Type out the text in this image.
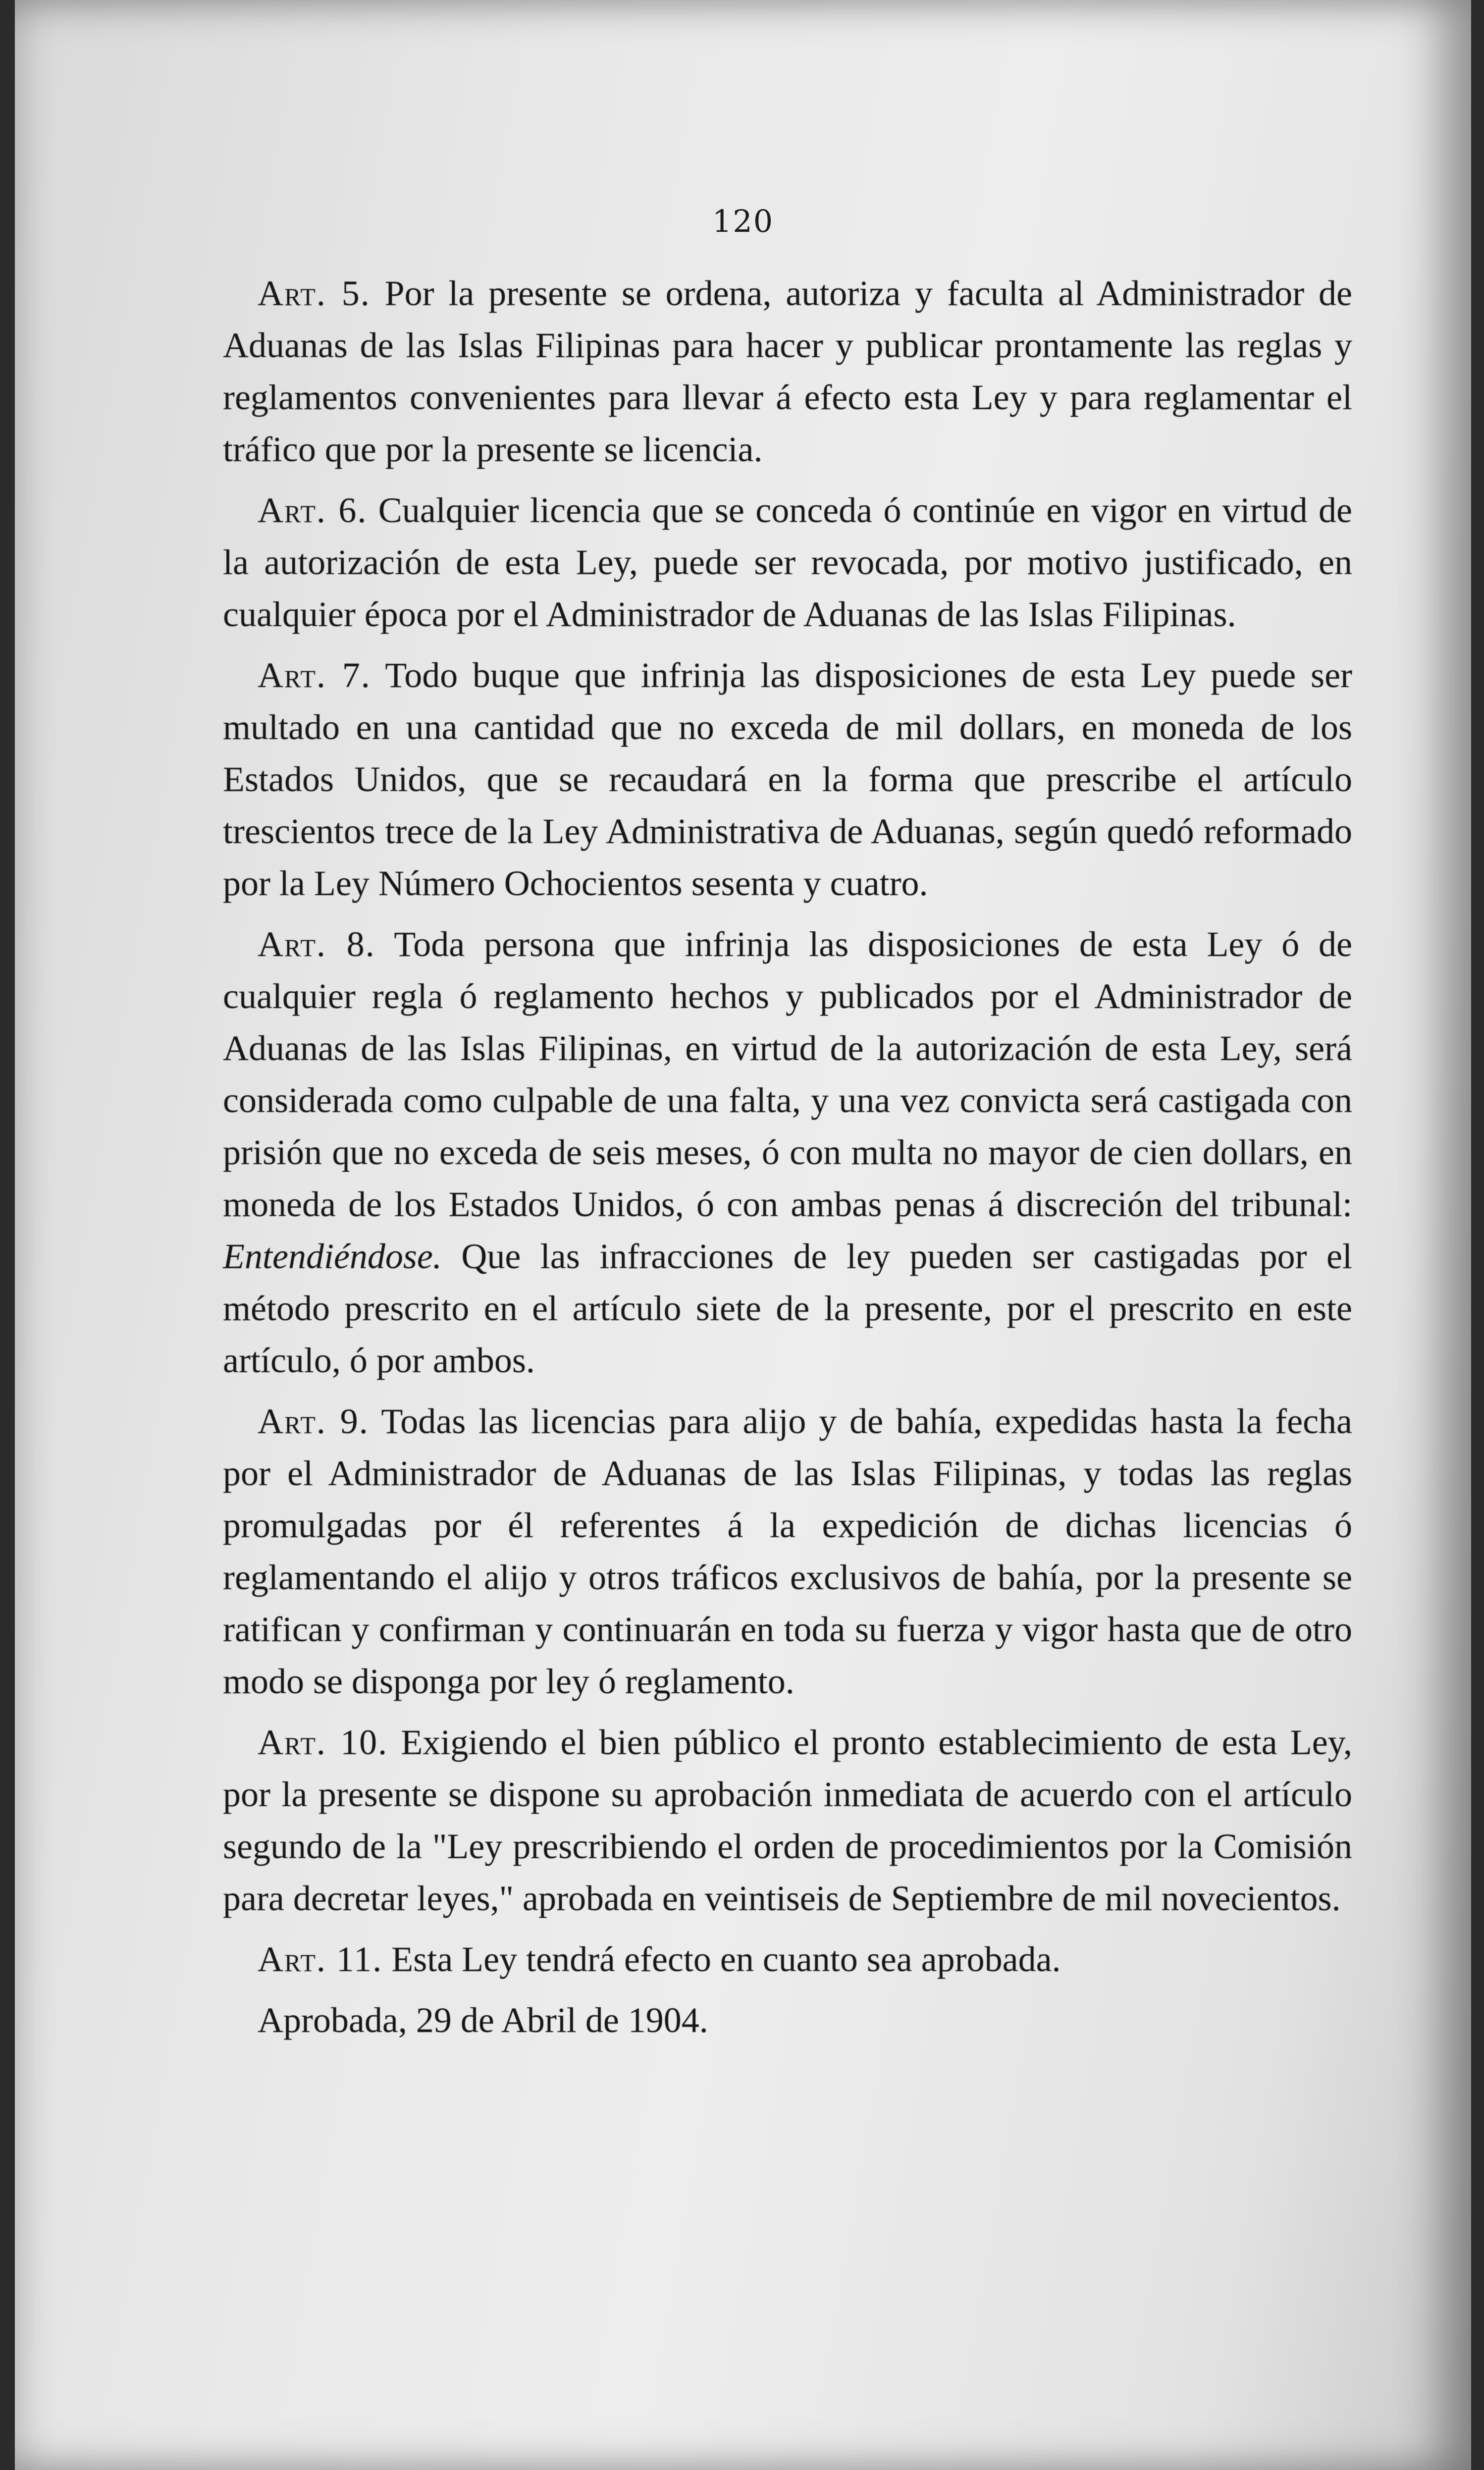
120

Art. 5. Por la presente se ordena, autoriza y faculta al Administrador de Aduanas de las Islas Filipinas para hacer y publicar prontamente las reglas y reglamentos convenientes para llevar á efecto esta Ley y para reglamentar el tráfico que por la presente se licencia.

Art. 6. Cualquier licencia que se conceda ó continúe en vigor en virtud de la autorización de esta Ley, puede ser revocada, por motivo justificado, en cualquier época por el Administrador de Aduanas de las Islas Filipinas.

Art. 7. Todo buque que infrinja las disposiciones de esta Ley puede ser multado en una cantidad que no exceda de mil dollars, en moneda de los Estados Unidos, que se recaudará en la forma que prescribe el artículo trescientos trece de la Ley Administrativa de Aduanas, según quedó reformado por la Ley Número Ochocientos sesenta y cuatro.

Art. 8. Toda persona que infrinja las disposiciones de esta Ley ó de cualquier regla ó reglamento hechos y publicados por el Administrador de Aduanas de las Islas Filipinas, en virtud de la autorización de esta Ley, será considerada como culpable de una falta, y una vez convicta será castigada con prisión que no exceda de seis meses, ó con multa no mayor de cien dollars, en moneda de los Estados Unidos, ó con ambas penas á discreción del tribunal: Entendiéndose. Que las infracciones de ley pueden ser castigadas por el método prescrito en el artículo siete de la presente, por el prescrito en este artículo, ó por ambos.

Art. 9. Todas las licencias para alijo y de bahía, expedidas hasta la fecha por el Administrador de Aduanas de las Islas Filipinas, y todas las reglas promulgadas por él referentes á la expedición de dichas licencias ó reglamentando el alijo y otros tráficos exclusivos de bahía, por la presente se ratifican y confirman y continuarán en toda su fuerza y vigor hasta que de otro modo se disponga por ley ó reglamento.

Art. 10. Exigiendo el bien público el pronto establecimiento de esta Ley, por la presente se dispone su aprobación inmediata de acuerdo con el artículo segundo de la "Ley prescribiendo el orden de procedimientos por la Comisión para decretar leyes," aprobada en veintiseis de Septiembre de mil novecientos.

Art. 11. Esta Ley tendrá efecto en cuanto sea aprobada.

Aprobada, 29 de Abril de 1904.
